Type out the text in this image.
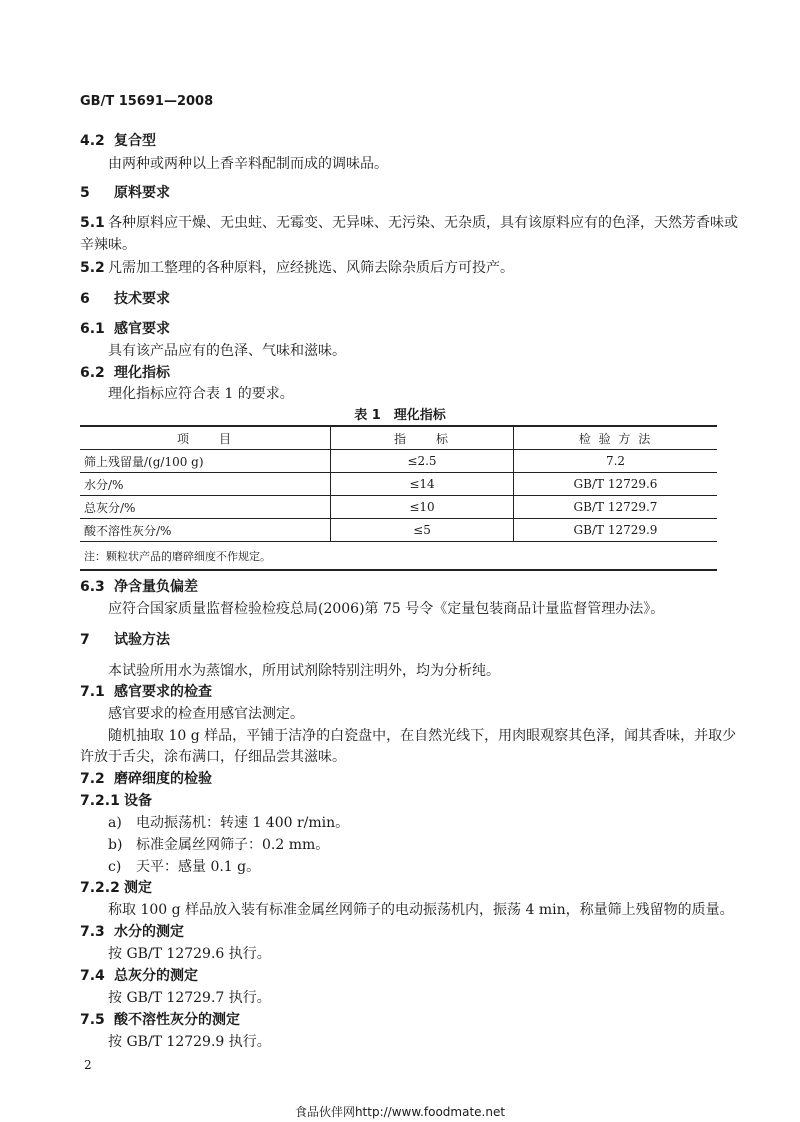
GB/T 15691—2008
4.2 复合型
由两种或两种以上香辛料配制而成的调味品。
5 原料要求
5.1 各种原料应干燥、无虫蛀、无霉变、无异味、无污染、无杂质，具有该原料应有的色泽，天然芳香味或
辛辣味。
5.2 凡需加工整理的各种原料，应经挑选、风筛去除杂质后方可投产。
6 技术要求
6.1 感官要求
具有该产品应有的色泽、气味和滋味。
6.2 理化指标
理化指标应符合表 1 的要求。
表 1　理化指标
项　　目	指　　标	检 验 方 法
筛上残留量/(g/100 g)	≤2.5	7.2
水分/%	≤14	GB/T 12729.6
总灰分/%	≤10	GB/T 12729.7
酸不溶性灰分/%	≤5	GB/T 12729.9
注：颗粒状产品的磨碎细度不作规定。		
6.3 净含量负偏差
应符合国家质量监督检验检疫总局(2006)第 75 号令《定量包装商品计量监督管理办法》。
7 试验方法
本试验所用水为蒸馏水，所用试剂除特别注明外，均为分析纯。
7.1 感官要求的检查
感官要求的检查用感官法测定。
随机抽取 10 g 样品，平铺于洁净的白瓷盘中，在自然光线下，用肉眼观察其色泽，闻其香味，并取少
许放于舌尖，涂布满口，仔细品尝其滋味。
7.2 磨碎细度的检验
7.2.1 设备
a) 电动振荡机：转速 1 400 r/min。
b) 标准金属丝网筛子：0.2 mm。
c) 天平：感量 0.1 g。
7.2.2 测定
称取 100 g 样品放入装有标准金属丝网筛子的电动振荡机内，振荡 4 min，称量筛上残留物的质量。
7.3 水分的测定
按 GB/T 12729.6 执行。
7.4 总灰分的测定
按 GB/T 12729.7 执行。
7.5 酸不溶性灰分的测定
按 GB/T 12729.9 执行。
2
食品伙伴网http://www.foodmate.net
